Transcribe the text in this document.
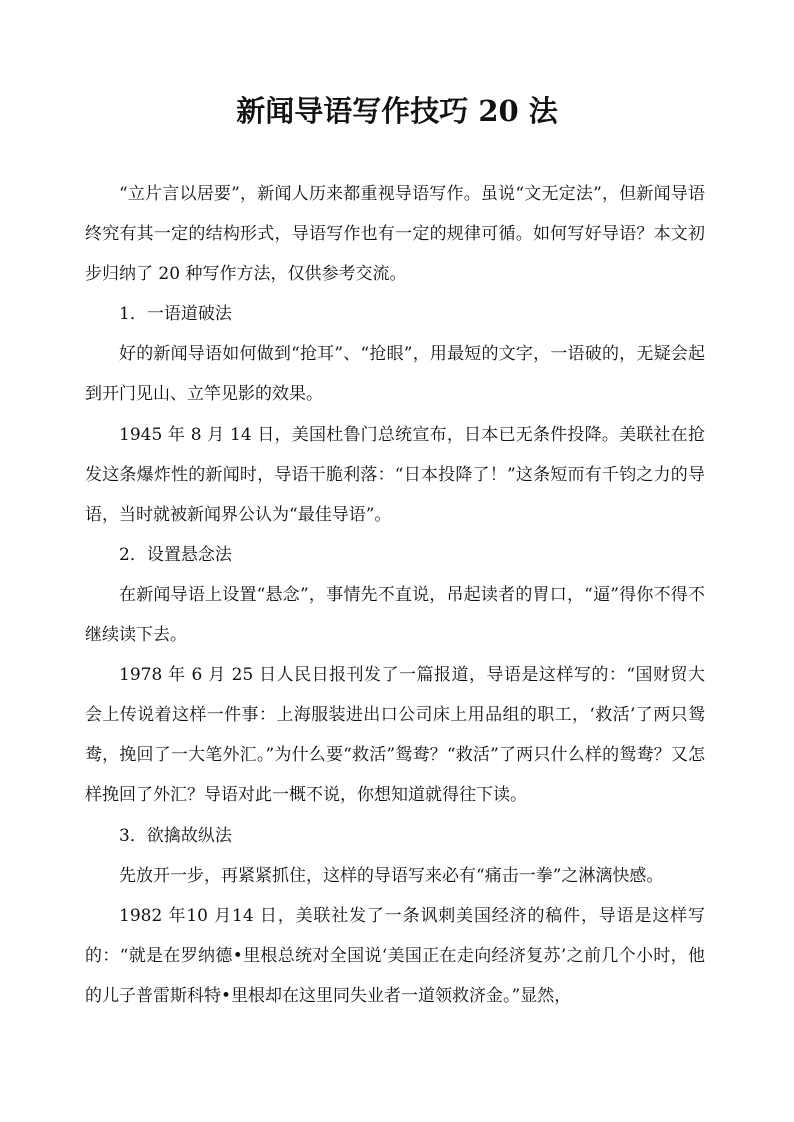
新闻导语写作技巧 20 法

“立片言以居要”，新闻人历来都重视导语写作。虽说“文无定法”，但新闻导语终究有其一定的结构形式，导语写作也有一定的规律可循。如何写好导语？本文初步归纳了 20 种写作方法，仅供参考交流。

1．一语道破法

好的新闻导语如何做到“抢耳”、“抢眼”，用最短的文字，一语破的，无疑会起到开门见山、立竿见影的效果。

1945 年 8 月 14 日，美国杜鲁门总统宣布，日本已无条件投降。美联社在抢发这条爆炸性的新闻时，导语干脆利落：“日本投降了！”这条短而有千钧之力的导语，当时就被新闻界公认为“最佳导语”。

2．设置悬念法

在新闻导语上设置“悬念”，事情先不直说，吊起读者的胃口，“逼”得你不得不继续读下去。

1978 年 6 月 25 日人民日报刊发了一篇报道，导语是这样写的：“国财贸大会上传说着这样一件事：上海服装进出口公司床上用品组的职工，‘救活’了两只鸳鸯，挽回了一大笔外汇。”为什么要“救活”鸳鸯？“救活”了两只什么样的鸳鸯？又怎样挽回了外汇？导语对此一概不说，你想知道就得往下读。

3．欲擒故纵法

先放开一步，再紧紧抓住，这样的导语写来必有“痛击一拳”之淋漓快感。

1982 年10 月14 日，美联社发了一条讽刺美国经济的稿件，导语是这样写的：“就是在罗纳德•里根总统对全国说‘美国正在走向经济复苏’之前几个小时，他的儿子普雷斯科特•里根却在这里同失业者一道领救济金。”显然，
